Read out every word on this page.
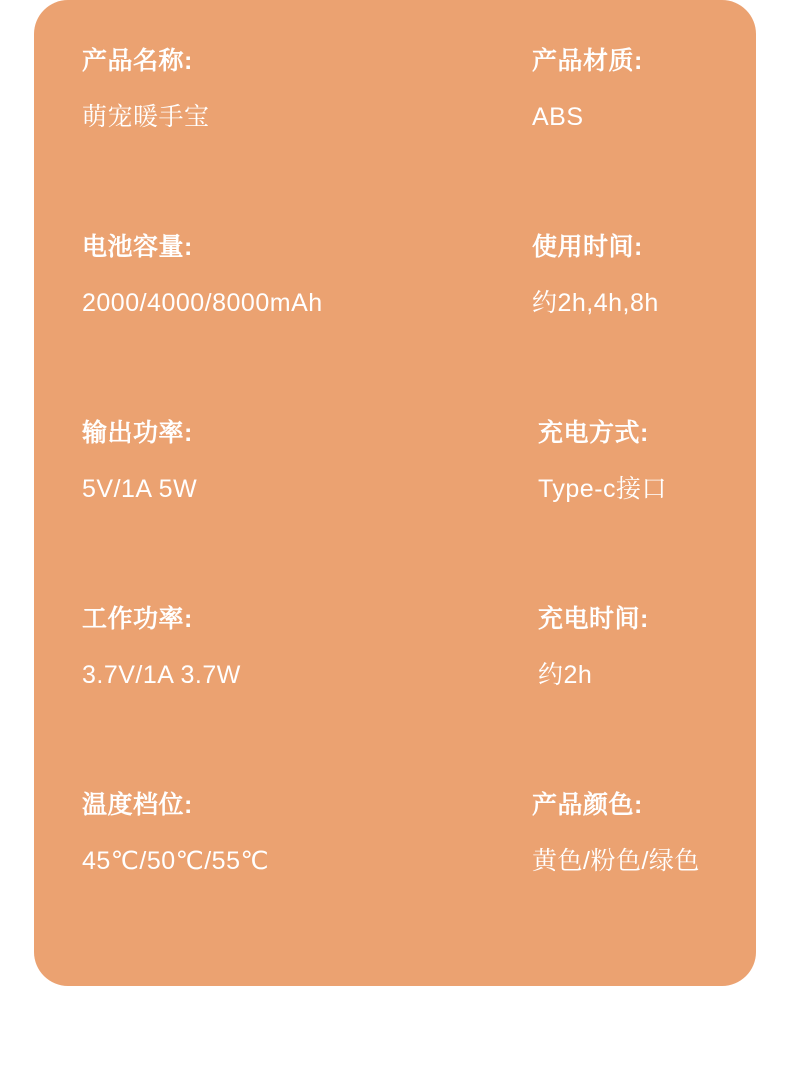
产品名称:
萌宠暖手宝
产品材质:
ABS
电池容量:
2000/4000/8000mAh
使用时间:
约2h,4h,8h
输出功率:
5V/1A 5W
充电方式:
Type-c接口
工作功率:
3.7V/1A 3.7W
充电时间:
约2h
温度档位:
45℃/50℃/55℃
产品颜色:
黄色/粉色/绿色
